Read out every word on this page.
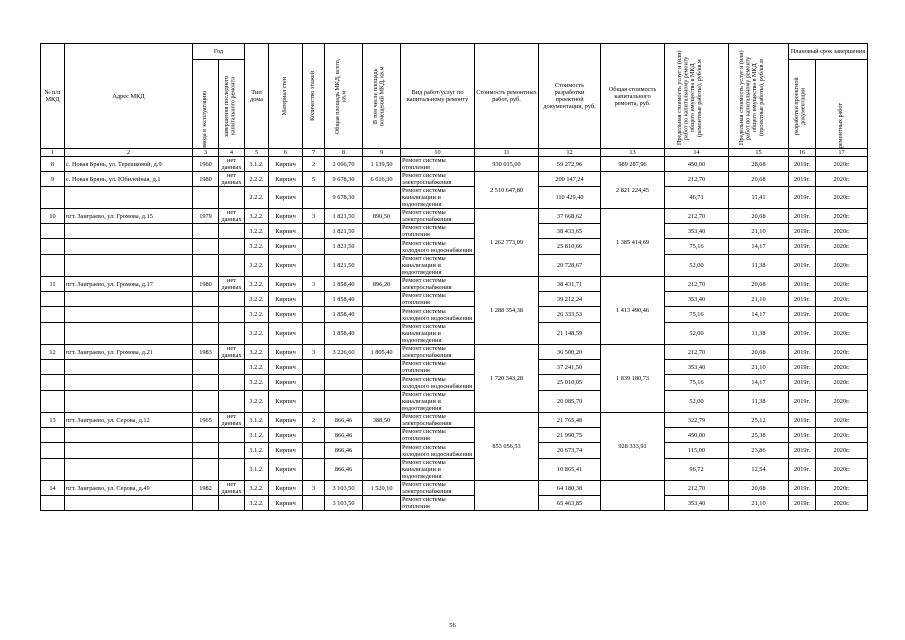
№ п/п МКД	Адрес МКД	Год		Тип дома	Материал стен	Количество этажей	Общая площадь МКД, всего, кв.м	В том числе площадь помещений МКД, кв.м	Вид работ/услуг по капитальному ремонту	Стоимость ремонтных работ, руб.	Стоимость разработки проектной документации, руб.	Общая стоимость капитального ремонта, руб.	Предельная стоимость услуг и (или) работ по капитальному ремонту общего имущества в МКД (ремонтные работы), руб/кв.м	Предельная стоимость услуг и (или) работ по капитальному ремонту общего имущества в МКД (проектные работы), руб/кв.м	Плановый срок завершения	

		ввода в эксплуатацию	завершения последнего капитального ремонта												разработки проектной документации	ремонтных работ

1	2	3	4	5	6	7	8	9	10	11	12	13	14	15	16	17
8	с. Новая Брянь, ул. Терешковой, д.9	1960	нет данных	3.1.2.	Кирпич	2	2 066,70	1 139,50	Ремонт системы отопления	930 015,00	59 272,96	989 287,96	450,00	28,68	2019г.	2020г.
9	с. Новая Брянь, ул. Юбилейная, д.1	1980	нет данных	2.2.2.	Кирпич	5	9 678,30	6 616,30	Ремонт системы электроснабжения	2 510 647,80	200 147,24	2 821 224,45	212,70	20,68	2019г.	2020г.
				2.2.2.	Кирпич		9 678,30		Ремонт системы канализации и водоотведения		110 429,40		46,71	11,41	2019г.	2020г.
10	пгт. Заиграево, ул. Громова, д.15	1979	нет данных	3.2.2.	Кирпич	3	1 821,50	890,50	Ремонт системы электроснабжения	1 262 773,09	37 668,62	1 385 414,69	212,70	20,68	2019г.	2020г.
				3.2.2.	Кирпич		1 821,50		Ремонт системы отопления		38 433,65		353,40	21,10	2019г.	2020г.
				3.2.2.	Кирпич		1 821,50		Ремонт системы холодного водоснабжения		25 810,66		75,16	14,17	2019г.	2020г.
				3.2.2.	Кирпич		1 821,50		Ремонт системы канализации и водоотведения		20 728,67		52,00	11,38	2019г.	2020г.
11	пгт. Заиграево, ул. Громова, д.17	1980	нет данных	3.2.2.	Кирпич	3	1 858,40	896,20	Ремонт системы электроснабжения	1 288 354,38	38 431,71	1 413 490,46	212,70	20,68	2019г.	2020г.
				3.2.2.	Кирпич		1 858,40		Ремонт системы отопления		39 212,24		353,40	21,10	2019г.	2020г.
				3.2.2.	Кирпич		1 858,40		Ремонт системы холодного водоснабжения		26 333,53		75,16	14,17	2019г.	2020г.
				3.2.2.	Кирпич		1 858,40		Ремонт системы канализации и водоотведения		21 148,59		52,00	11,38	2019г.	2020г.
12	пгт. Заиграево, ул. Громова, д.21	1983	нет данных	3.2.2.	Кирпич	3	3 226,60	1 805,40	Ремонт системы электроснабжения	1 720 343,28	36 500,20	1 839 180,73	212,70	20,68	2019г.	2020г.
				3.2.2.	Кирпич				Ремонт системы отопления		37 241,50		353,40	21,10	2019г.	2020г.
				3.2.2.	Кирпич				Ремонт системы холодного водоснабжения		25 010,05		75,16	14,17	2019г.	2020г.
				3.2.2.	Кирпич				Ремонт системы канализации и водоотведения		20 085,70		52,00	11,38	2019г.	2020г.
13	пгт. Заиграево, ул. Серова, д.12	1965	нет данных	3.1.2.	Кирпич	2	866,46	388,50	Ремонт системы электроснабжения	853 056,53	21 765,48	928 333,91	322,79	25,12	2019г.	2020г.
				3.1.2.	Кирпич		866,46		Ремонт системы отопления		21 990,75		450,00	25,38	2019г.	2020г.
				3.1.2.	Кирпич		866,46		Ремонт системы холодного водоснабжения		20 673,74		115,00	23,86	2019г.	2020г.
				3.1.2.	Кирпич		866,46		Ремонт системы канализации и водоотведения		10 865,41		96,72	12,54	2019г.	2020г.
14	пгт. Заиграево, ул. Серова, д.49	1982	нет данных	3.2.2.	Кирпич	3	3 103,50	1 520,10	Ремонт системы электроснабжения		64 180,38		212,70	20,68	2019г.	2020г.
				3.2.2.	Кирпич		3 103,50		Ремонт системы отопления		65 463,85		353,40	21,10	2019г.	2020г.
56
